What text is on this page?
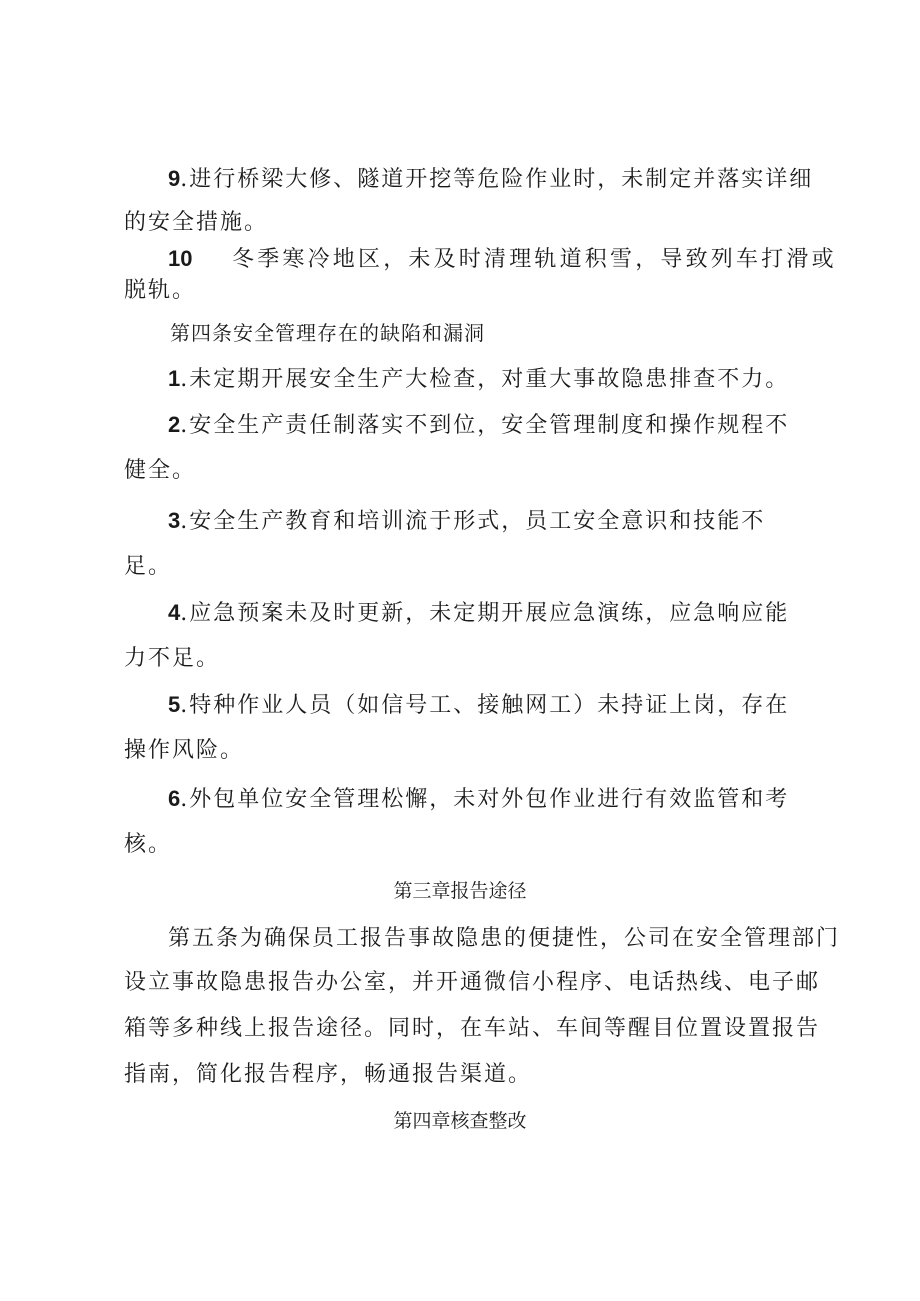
9.进行桥梁大修、隧道开挖等危险作业时，未制定并落实详细
的安全措施。
10 冬季寒冷地区，未及时清理轨道积雪，导致列车打滑或
脱轨。
第四条安全管理存在的缺陷和漏洞
1.未定期开展安全生产大检查，对重大事故隐患排查不力。
2.安全生产责任制落实不到位，安全管理制度和操作规程不
健全。
3.安全生产教育和培训流于形式，员工安全意识和技能不
足。
4.应急预案未及时更新，未定期开展应急演练，应急响应能
力不足。
5.特种作业人员（如信号工、接触网工）未持证上岗，存在
操作风险。
6.外包单位安全管理松懈，未对外包作业进行有效监管和考
核。
第三章报告途径
第五条为确保员工报告事故隐患的便捷性，公司在安全管理部门
设立事故隐患报告办公室，并开通微信小程序、电话热线、电子邮
箱等多种线上报告途径。同时，在车站、车间等醒目位置设置报告
指南，简化报告程序，畅通报告渠道。
第四章核查整改
